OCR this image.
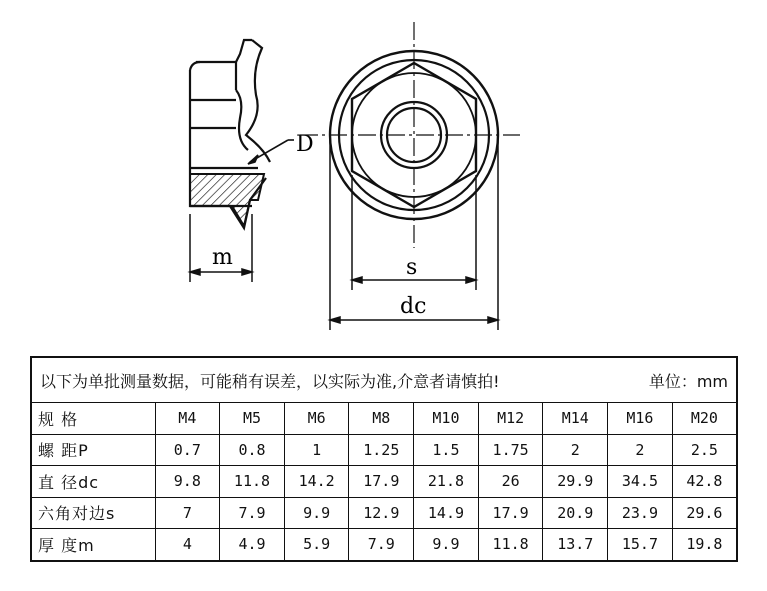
D
m	s
dc
以下为单批测量数据，可能稍有误差，以实际为准,介意者请慎拍! 单位：mm									

规 格	M4	M5	M6	M8	M10	M12	M14	M16	M20
螺 距P	0.7	0.8	1	1.25	1.5	1.75	2	2	2.5
直 径dc	9.8	11.8	14.2	17.9	21.8	26	29.9	34.5	42.8
六角对边s	7	7.9	9.9	12.9	14.9	17.9	20.9	23.9	29.6
厚 度m	4	4.9	5.9	7.9	9.9	11.8	13.7	15.7	19.8
